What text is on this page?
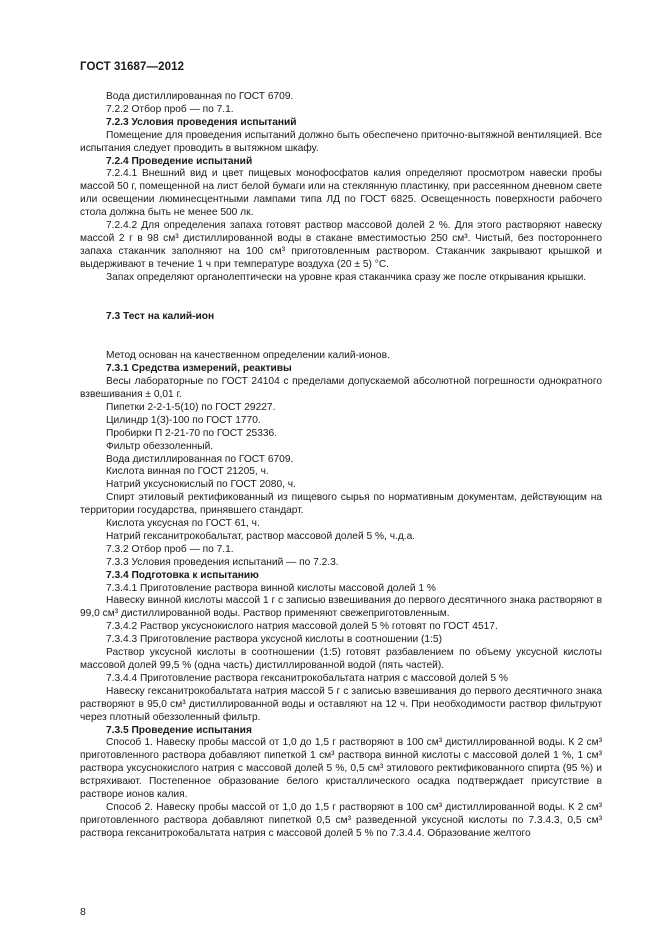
ГОСТ 31687—2012

Вода дистиллированная по ГОСТ 6709.

7.2.2 Отбор проб — по 7.1.

7.2.3 Условия проведения испытаний

Помещение для проведения испытаний должно быть обеспечено приточно-вытяжной вентиляцией. Все испытания следует проводить в вытяжном шкафу.

7.2.4 Проведение испытаний

7.2.4.1 Внешний вид и цвет пищевых монофосфатов калия определяют просмотром навески пробы массой 50 г, помещенной на лист белой бумаги или на стеклянную пластинку, при рассеянном дневном свете или освещении люминесцентными лампами типа ЛД по ГОСТ 6825. Освещенность поверхности рабочего стола должна быть не менее 500 лк.

7.2.4.2 Для определения запаха готовят раствор массовой долей 2 %. Для этого растворяют навеску массой 2 г в 98 см³ дистиллированной воды в стакане вместимостью 250 см³. Чистый, без постороннего запаха стаканчик заполняют на 100 см³ приготовленным раствором. Стаканчик закрывают крышкой и выдерживают в течение 1 ч при температуре воздуха (20 ± 5) °С.

Запах определяют органолептически на уровне края стаканчика сразу же после открывания крышки.

7.3 Тест на калий-ион

Метод основан на качественном определении калий-ионов.

7.3.1 Средства измерений, реактивы

Весы лабораторные по ГОСТ 24104 с пределами допускаемой абсолютной погрешности однократного взвешивания ± 0,01 г.

Пипетки 2-2-1-5(10) по ГОСТ 29227.

Цилиндр 1(3)-100 по ГОСТ 1770.

Пробирки П 2-21-70 по ГОСТ 25336.

Фильтр обеззоленный.

Вода дистиллированная по ГОСТ 6709.

Кислота винная по ГОСТ 21205, ч.

Натрий уксуснокислый по ГОСТ 2080, ч.

Спирт этиловый ректификованный из пищевого сырья по нормативным документам, действующим на территории государства, принявшего стандарт.

Кислота уксусная по ГОСТ 61, ч.

Натрий гексанитрокобальтат, раствор массовой долей 5 %, ч.д.а.

7.3.2 Отбор проб — по 7.1.

7.3.3 Условия проведения испытаний — по 7.2.3.

7.3.4 Подготовка к испытанию

7.3.4.1 Приготовление раствора винной кислоты массовой долей 1 %

Навеску винной кислоты массой 1 г с записью взвешивания до первого десятичного знака растворяют в 99,0 см³ дистиллированной воды. Раствор применяют свежеприготовленным.

7.3.4.2 Раствор уксуснокислого натрия массовой долей 5 % готовят по ГОСТ 4517.

7.3.4.3 Приготовление раствора уксусной кислоты в соотношении (1:5)

Раствор уксусной кислоты в соотношении (1:5) готовят разбавлением по объему уксусной кислоты массовой долей 99,5 % (одна часть) дистиллированной водой (пять частей).

7.3.4.4 Приготовление раствора гексанитрокобальтата натрия с массовой долей 5 %

Навеску гексанитрокобальтата натрия массой 5 г с записью взвешивания до первого десятичного знака растворяют в 95,0 см³ дистиллированной воды и оставляют на 12 ч. При необходимости раствор фильтруют через плотный обеззоленный фильтр.

7.3.5 Проведение испытания

Способ 1. Навеску пробы массой от 1,0 до 1,5 г растворяют в 100 см³ дистиллированной воды. К 2 см³ приготовленного раствора добавляют пипеткой 1 см³ раствора винной кислоты с массовой долей 1 %, 1 см³ раствора уксуснокислого натрия с массовой долей 5 %, 0,5 см³ этилового ректификованного спирта (95 %) и встряхивают. Постепенное образование белого кристаллического осадка подтверждает присутствие в растворе ионов калия.

Способ 2. Навеску пробы массой от 1,0 до 1,5 г растворяют в 100 см³ дистиллированной воды. К 2 см³ приготовленного раствора добавляют пипеткой 0,5 см³ разведенной уксусной кислоты по 7.3.4.3, 0,5 см³ раствора гексанитрокобальтата натрия с массовой долей 5 % по 7.3.4.4. Образование желтого

8
